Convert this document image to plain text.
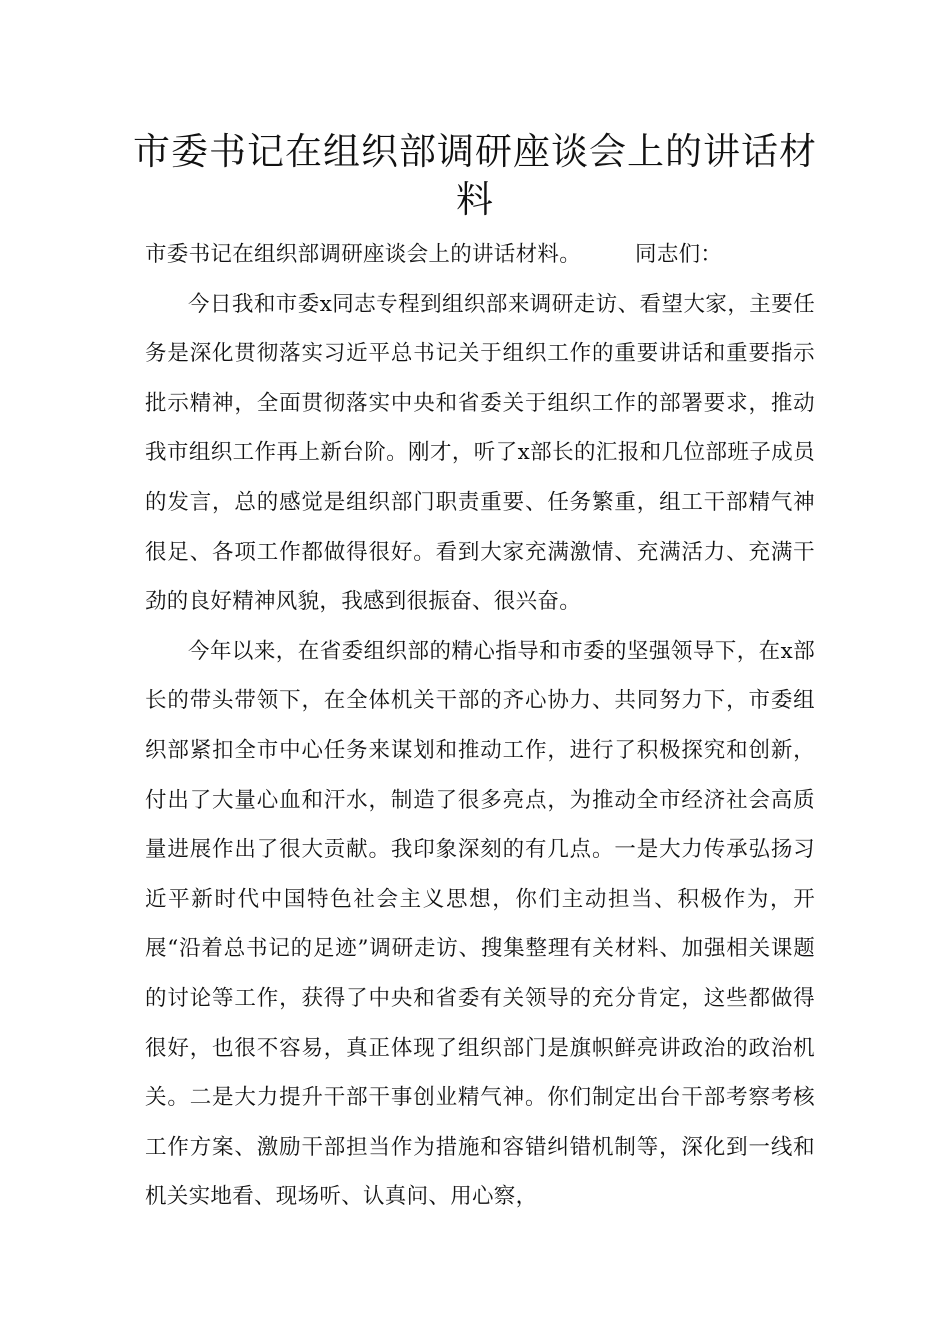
市委书记在组织部调研座谈会上的讲话材料

市委书记在组织部调研座谈会上的讲话材料。	同志们：

今日我和市委x同志专程到组织部来调研走访、看望大家，主要任务是深化贯彻落实习近平总书记关于组织工作的重要讲话和重要指示批示精神，全面贯彻落实中央和省委关于组织工作的部署要求，推动我市组织工作再上新台阶。刚才，听了x部长的汇报和几位部班子成员的发言，总的感觉是组织部门职责重要、任务繁重，组工干部精气神很足、各项工作都做得很好。看到大家充满激情、充满活力、充满干劲的良好精神风貌，我感到很振奋、很兴奋。

今年以来，在省委组织部的精心指导和市委的坚强领导下，在x部长的带头带领下，在全体机关干部的齐心协力、共同努力下，市委组织部紧扣全市中心任务来谋划和推动工作，进行了积极探究和创新，付出了大量心血和汗水，制造了很多亮点，为推动全市经济社会高质量进展作出了很大贡献。我印象深刻的有几点。一是大力传承弘扬习近平新时代中国特色社会主义思想，你们主动担当、积极作为，开展“沿着总书记的足迹”调研走访、搜集整理有关材料、加强相关课题的讨论等工作，获得了中央和省委有关领导的充分肯定，这些都做得很好，也很不容易，真正体现了组织部门是旗帜鲜亮讲政治的政治机关。二是大力提升干部干事创业精气神。你们制定出台干部考察考核工作方案、激励干部担当作为措施和容错纠错机制等，深化到一线和机关实地看、现场听、认真问、用心察，
